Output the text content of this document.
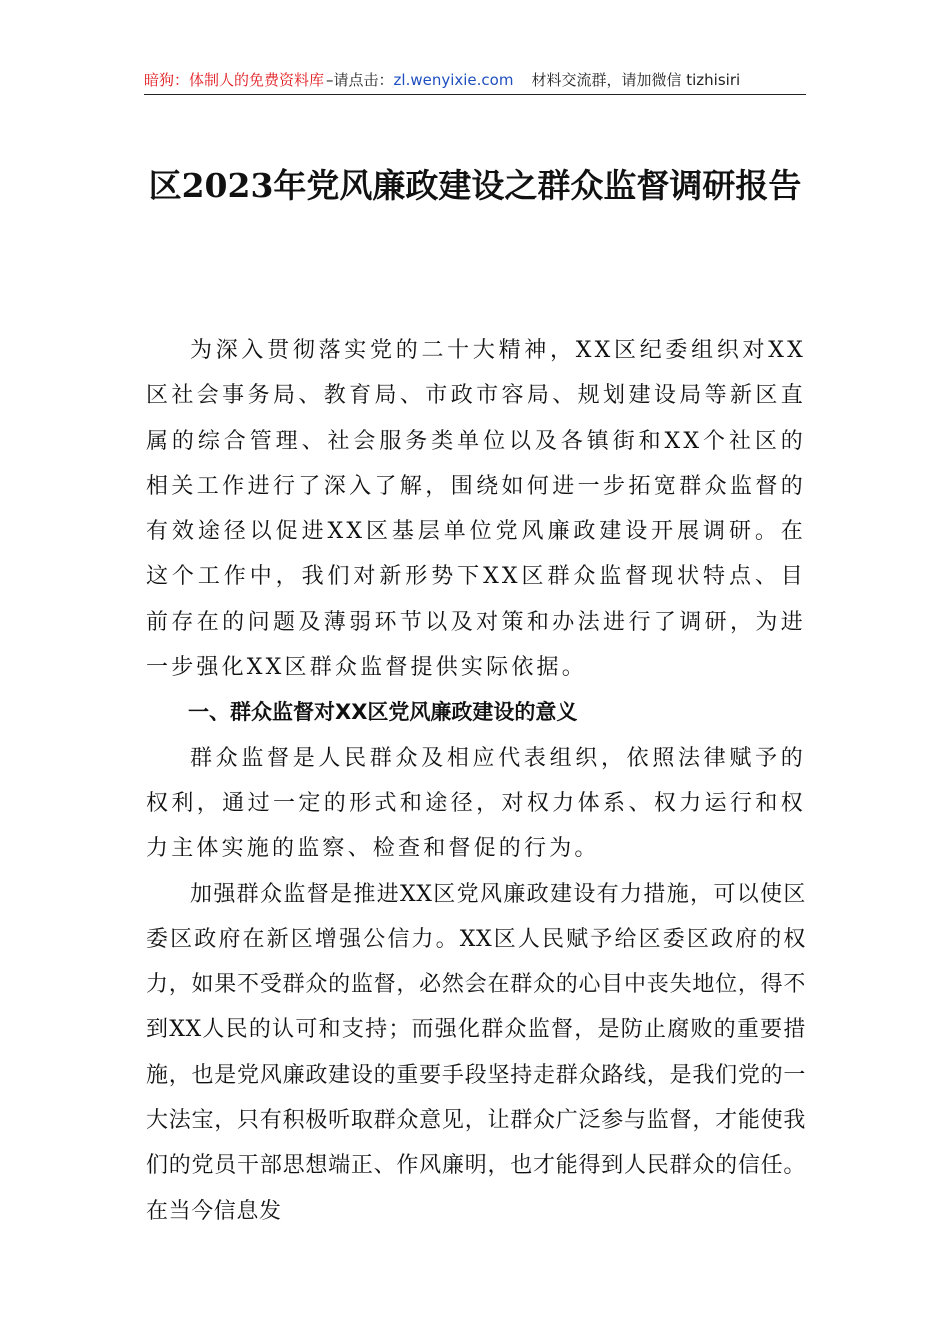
暗狗：体制人的免费资料库 –请点击： zl.wenyixie.com 材料交流群，请加微信 tizhisiri
区2023年党风廉政建设之群众监督调研报告

为深入贯彻落实党的二十大精神，XX区纪委组织对XX区社会事务局、教育局、市政市容局、规划建设局等新区直属的综合管理、社会服务类单位以及各镇街和XX个社区的相关工作进行了深入了解，围绕如何进一步拓宽群众监督的有效途径以促进XX区基层单位党风廉政建设开展调研。在这个工作中，我们对新形势下XX区群众监督现状特点、目前存在的问题及薄弱环节以及对策和办法进行了调研，为进一步强化XX区群众监督提供实际依据。

一、群众监督对XX区党风廉政建设的意义

群众监督是人民群众及相应代表组织，依照法律赋予的权利，通过一定的形式和途径，对权力体系、权力运行和权力主体实施的监察、检查和督促的行为。

加强群众监督是推进XX区党风廉政建设有力措施，可以使区委区政府在新区增强公信力。XX区人民赋予给区委区政府的权力，如果不受群众的监督，必然会在群众的心目中丧失地位，得不到XX人民的认可和支持；而强化群众监督，是防止腐败的重要措施，也是党风廉政建设的重要手段坚持走群众路线，是我们党的一大法宝，只有积极听取群众意见，让群众广泛参与监督，才能使我们的党员干部思想端正、作风廉明，也才能得到人民群众的信任。在当今信息发
